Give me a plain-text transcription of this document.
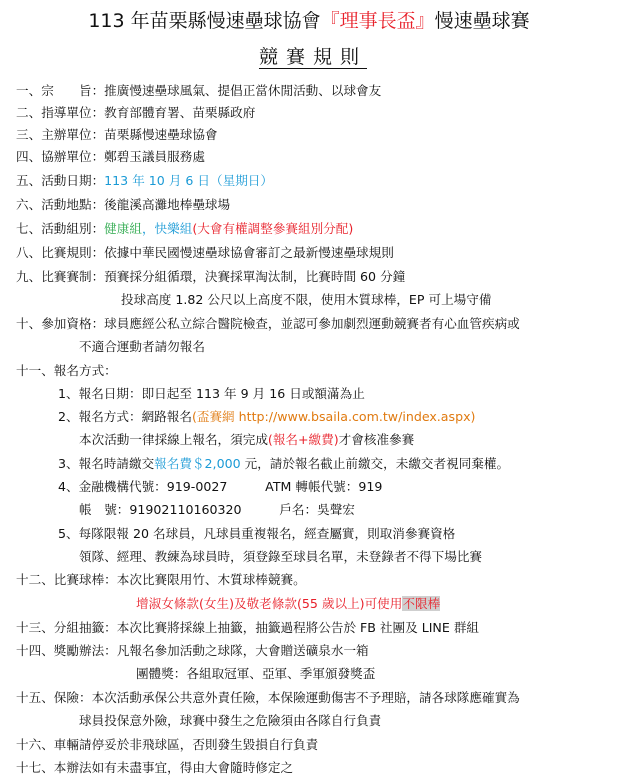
113 年苗栗縣慢速壘球協會『理事長盃』慢速壘球賽
競賽規則
一、宗　　旨：推廣慢速壘球風氣、提倡正當休閒活動、以球會友
二、指導單位：教育部體育署、苗栗縣政府
三、主辦單位：苗栗縣慢速壘球協會
四、協辦單位：鄭碧玉議員服務處
五、活動日期：113 年 10 月 6 日（星期日）
六、活動地點：後龍溪高灘地棒壘球場
七、活動組別：健康組，快樂組(大會有權調整參賽組別分配)
八、比賽規則：依據中華民國慢速壘球協會審訂之最新慢速壘球規則
九、比賽賽制：預賽採分組循環，決賽採單淘汰制，比賽時間 60 分鐘
投球高度 1.82 公尺以上高度不限，使用木質球棒，EP 可上場守備
十、參加資格：球員應經公私立綜合醫院檢查，並認可參加劇烈運動競賽者有心血管疾病或
不適合運動者請勿報名
十一、報名方式：
1、報名日期：即日起至 113 年 9 月 16 日或額滿為止
2、報名方式：網路報名(盃賽網 http://www.bsaila.com.tw/index.aspx)
本次活動一律採線上報名，須完成(報名+繳費)才會核准參賽
3、報名時請繳交報名費＄2,000 元，請於報名截止前繳交，未繳交者視同棄權。
4、金融機構代號：919-0027　　　ATM 轉帳代號：919
帳　號：91902110160320　　　戶名：吳聲宏
5、每隊限報 20 名球員，凡球員重複報名，經查屬實，則取消參賽資格
領隊、經理、教練為球員時，須登錄至球員名單，未登錄者不得下場比賽
十二、比賽球棒：本次比賽限用竹、木質球棒競賽。
增淑女條款(女生)及敬老條款(55 歲以上)可使用不限棒
十三、分組抽籤：本次比賽將採線上抽籤，抽籤過程將公告於 FB 社團及 LINE 群組
十四、獎勵辦法：凡報名參加活動之球隊，大會贈送礦泉水一箱
團體獎：各組取冠軍、亞軍、季軍頒發獎盃
十五、保險：本次活動承保公共意外責任險，本保險運動傷害不予理賠，請各球隊應確實為
球員投保意外險，球賽中發生之危險須由各隊自行負責
十六、車輛請停妥於非飛球區，否則發生毀損自行負責
十七、本辦法如有未盡事宜，得由大會隨時修定之
